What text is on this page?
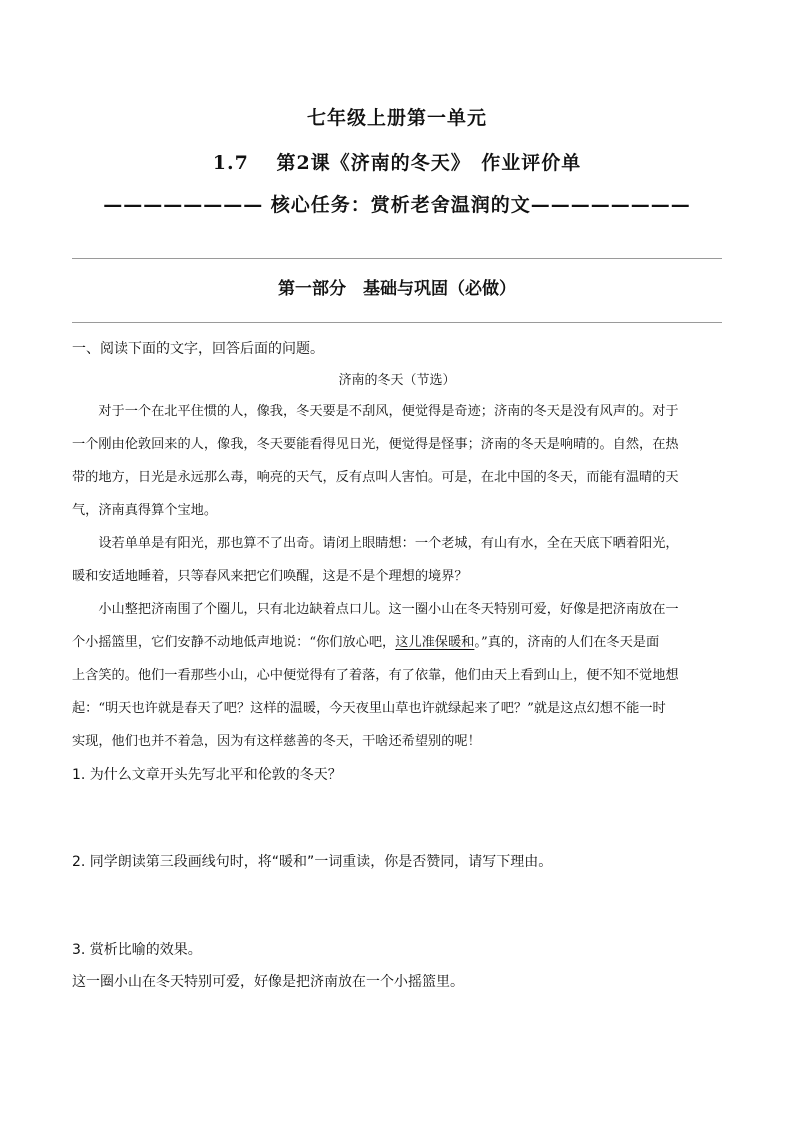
七年级上册第一单元
1.7　 第2课《济南的冬天》　作业评价单
———————— 核心任务：赏析老舍温润的文————————
第一部分　基础与巩固（必做）
一、阅读下面的文字，回答后面的问题。
济南的冬天（节选）
　　对于一个在北平住惯的人，像我，冬天要是不刮风，便觉得是奇迹；济南的冬天是没有风声的。对于
一个刚由伦敦回来的人，像我，冬天要能看得见日光，便觉得是怪事；济南的冬天是响晴的。自然，在热
带的地方，日光是永远那么毒，响亮的天气，反有点叫人害怕。可是，在北中国的冬天，而能有温晴的天
气，济南真得算个宝地。
　　设若单单是有阳光，那也算不了出奇。请闭上眼睛想：一个老城，有山有水，全在天底下晒着阳光，
暖和安适地睡着，只等春风来把它们唤醒，这是不是个理想的境界？
　　小山整把济南围了个圈儿，只有北边缺着点口儿。这一圈小山在冬天特别可爱，好像是把济南放在一
个小摇篮里，它们安静不动地低声地说：“你们放心吧，这儿准保暖和。”真的，济南的人们在冬天是面
上含笑的。他们一看那些小山，心中便觉得有了着落，有了依靠，他们由天上看到山上，便不知不觉地想
起：“明天也许就是春天了吧？这样的温暖，今天夜里山草也许就绿起来了吧？”就是这点幻想不能一时
实现，他们也并不着急，因为有这样慈善的冬天，干啥还希望别的呢！
1. 为什么文章开头先写北平和伦敦的冬天？
2. 同学朗读第三段画线句时，将“暖和”一词重读，你是否赞同，请写下理由。
3. 赏析比喻的效果。
这一圈小山在冬天特别可爱，好像是把济南放在一个小摇篮里。
